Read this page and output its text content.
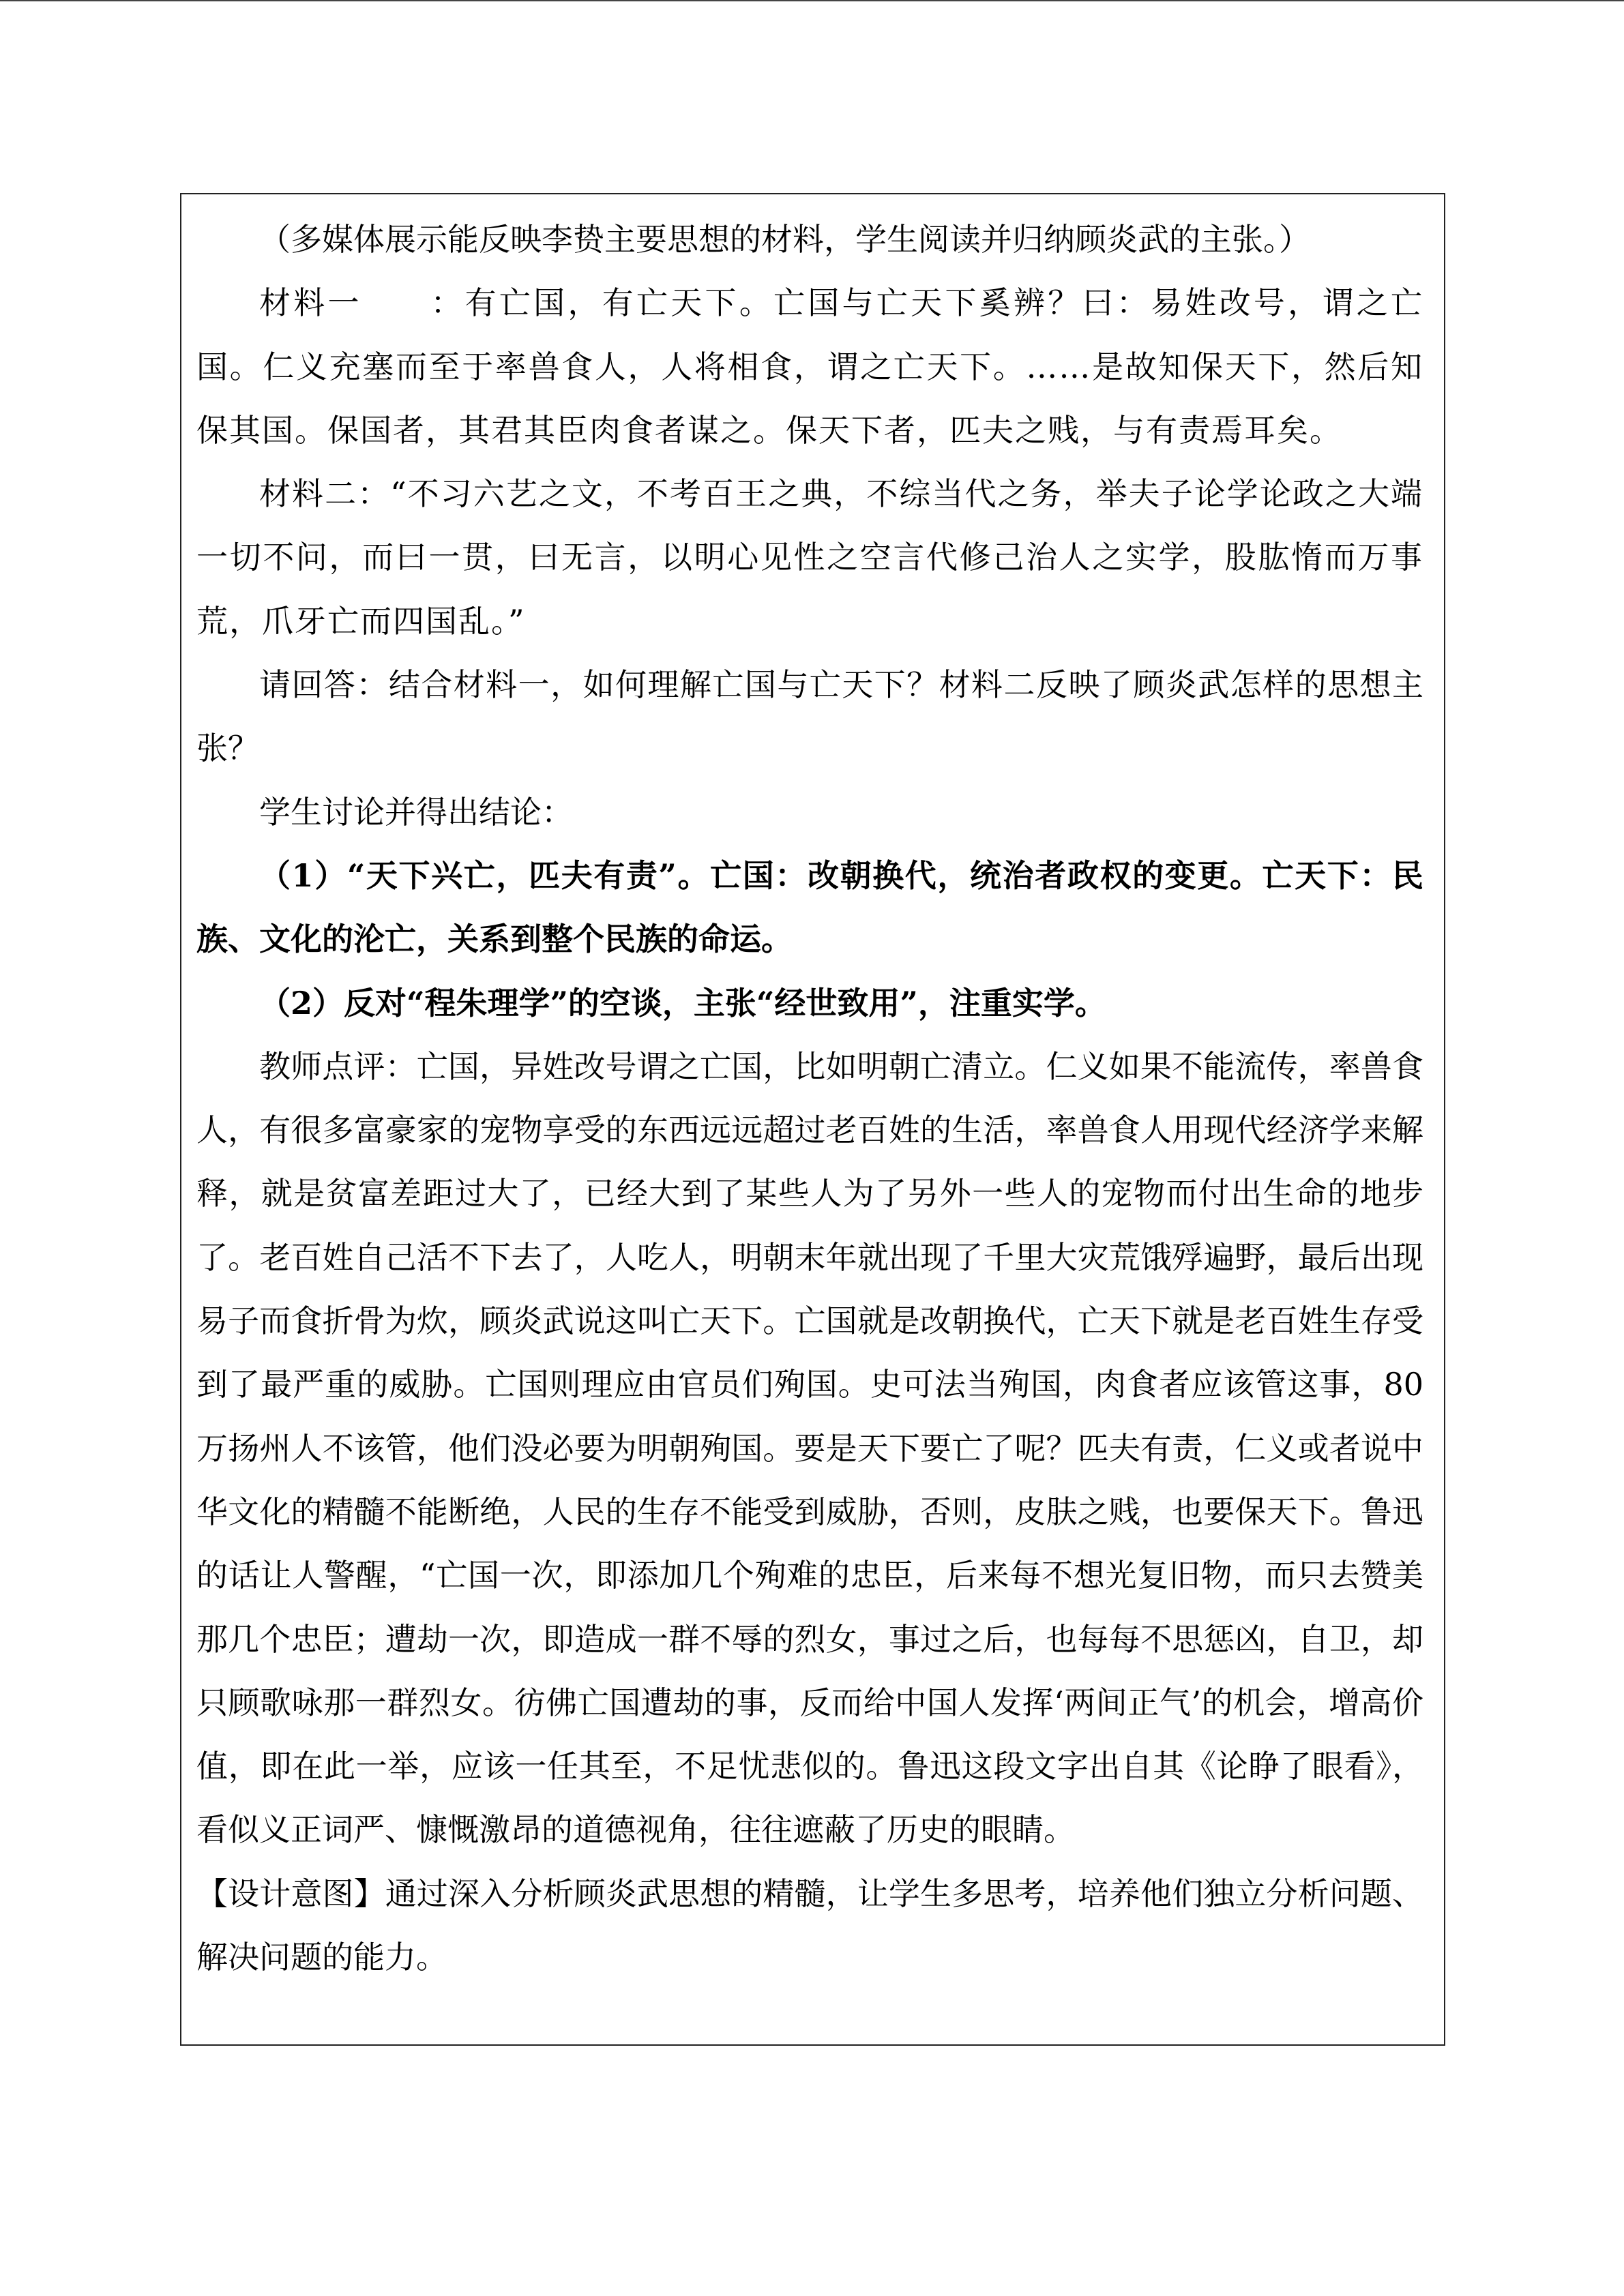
（多媒体展示能反映李贽主要思想的材料，学生阅读并归纳顾炎武的主张。）

材料一　　：有亡国，有亡天下。亡国与亡天下奚辨？曰：易姓改号，谓之亡国。仁义充塞而至于率兽食人，人将相食，谓之亡天下。……是故知保天下，然后知保其国。保国者，其君其臣肉食者谋之。保天下者，匹夫之贱，与有责焉耳矣。

材料二：“不习六艺之文，不考百王之典，不综当代之务，举夫子论学论政之大端一切不问，而曰一贯，曰无言，以明心见性之空言代修己治人之实学，股肱惰而万事荒，爪牙亡而四国乱。”

请回答：结合材料一，如何理解亡国与亡天下？材料二反映了顾炎武怎样的思想主张？

学生讨论并得出结论：

（1）“天下兴亡，匹夫有责”。亡国：改朝换代，统治者政权的变更。亡天下：民族、文化的沦亡，关系到整个民族的命运。

（2）反对“程朱理学”的空谈，主张“经世致用”，注重实学。

教师点评：亡国，异姓改号谓之亡国，比如明朝亡清立。仁义如果不能流传，率兽食人，有很多富豪家的宠物享受的东西远远超过老百姓的生活，率兽食人用现代经济学来解释，就是贫富差距过大了，已经大到了某些人为了另外一些人的宠物而付出生命的地步了。老百姓自己活不下去了，人吃人，明朝末年就出现了千里大灾荒饿殍遍野，最后出现易子而食折骨为炊，顾炎武说这叫亡天下。亡国就是改朝换代，亡天下就是老百姓生存受到了最严重的威胁。亡国则理应由官员们殉国。史可法当殉国，肉食者应该管这事，80 万扬州人不该管，他们没必要为明朝殉国。要是天下要亡了呢？匹夫有责，仁义或者说中华文化的精髓不能断绝，人民的生存不能受到威胁，否则，皮肤之贱，也要保天下。鲁迅的话让人警醒，“亡国一次，即添加几个殉难的忠臣，后来每不想光复旧物，而只去赞美那几个忠臣；遭劫一次，即造成一群不辱的烈女，事过之后，也每每不思惩凶，自卫，却只顾歌咏那一群烈女。彷佛亡国遭劫的事，反而给中国人发挥‘两间正气’的机会，增高价值，即在此一举，应该一任其至，不足忧悲似的。鲁迅这段文字出自其《论睁了眼看》，看似义正词严、慷慨激昂的道德视角，往往遮蔽了历史的眼睛。

【设计意图】通过深入分析顾炎武思想的精髓，让学生多思考，培养他们独立分析问题、解决问题的能力。
